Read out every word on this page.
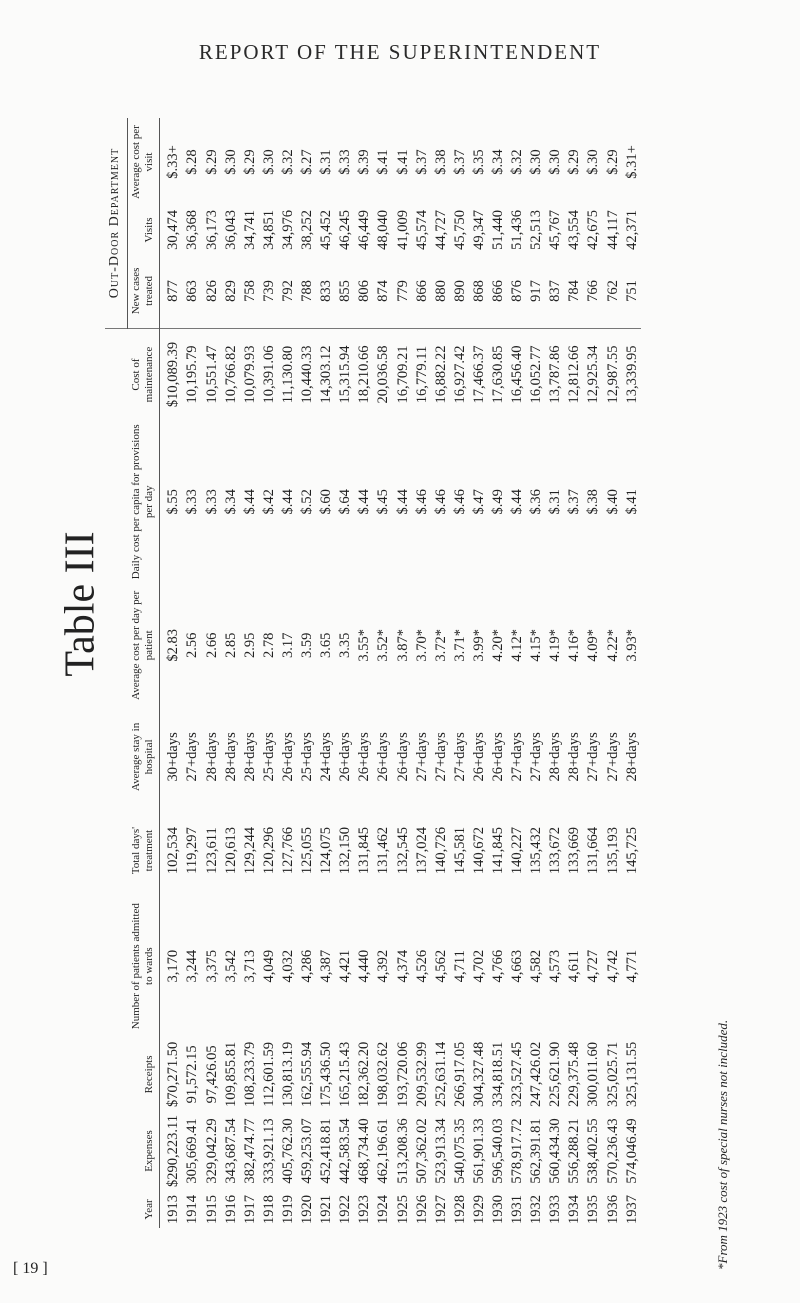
REPORT OF THE SUPERINTENDENT
Table III
									Out-Door Department		
Year	Expenses	Receipts	Number of patients admitted to wards	Total days' treatment	Average stay in hospital	Average cost per day per patient	Daily cost per capita for provisions per day	Cost of maintenance	New cases treated	Visits	Average cost per visit
1913	$290,223.11	$70,271.50	3,170	102,534	30+days	$2.83	$.55	$10,089.39	877	30,474	$.33+
1914	305,669.41	91,572.15	3,244	119,297	27+days	2.56	$.33	10,195.79	863	36,368	$.28
1915	329,042.29	97,426.05	3,375	123,611	28+days	2.66	$.33	10,551.47	826	36,173	$.29
1916	343,687.54	109,855.81	3,542	120,613	28+days	2.85	$.34	10,766.82	829	36,043	$.30
1917	382,474.77	108,233.79	3,713	129,244	28+days	2.95	$.44	10,079.93	758	34,741	$.29
1918	333,921.13	112,601.59	4,049	120,296	25+days	2.78	$.42	10,391.06	739	34,851	$.30
1919	405,762.30	130,813.19	4,032	127,766	26+days	3.17	$.44	11,130.80	792	34,976	$.32
1920	459,253.07	162,555.94	4,286	125,055	25+days	3.59	$.52	10,440.33	788	38,252	$.27
1921	452,418.81	175,436.50	4,387	124,075	24+days	3.65	$.60	14,303.12	833	45,452	$.31
1922	442,583.54	165,215.43	4,421	132,150	26+days	3.35	$.64	15,315.94	855	46,245	$.33
1923	468,734.40	182,362.20	4,440	131,845	26+days	3.55*	$.44	18,210.66	806	46,449	$.39
1924	462,196.61	198,032.62	4,392	131,462	26+days	3.52*	$.45	20,036.58	874	48,040	$.41
1925	513,208.36	193,720.06	4,374	132,545	26+days	3.87*	$.44	16,709.21	779	41,009	$.41
1926	507,362.02	209,532.99	4,526	137,024	27+days	3.70*	$.46	16,779.11	866	45,574	$.37
1927	523,913.34	252,631.14	4,562	140,726	27+days	3.72*	$.46	16,882.22	880	44,727	$.38
1928	540,075.35	266,917.05	4,711	145,581	27+days	3.71*	$.46	16,927.42	890	45,750	$.37
1929	561,901.33	304,327.48	4,702	140,672	26+days	3.99*	$.47	17,466.37	868	49,347	$.35
1930	596,540.03	334,818.51	4,766	141,845	26+days	4.20*	$.49	17,630.85	866	51,440	$.34
1931	578,917.72	323,527.45	4,663	140,227	27+days	4.12*	$.44	16,456.40	876	51,436	$.32
1932	562,391.81	247,426.02	4,582	135,432	27+days	4.15*	$.36	16,052.77	917	52,513	$.30
1933	560,434.30	225,621.90	4,573	133,672	28+days	4.19*	$.31	13,787.86	837	45,767	$.30
1934	556,288.21	229,375.48	4,611	133,669	28+days	4.16*	$.37	12,812.66	784	43,554	$.29
1935	538,402.55	300,011.60	4,727	131,664	27+days	4.09*	$.38	12,925.34	766	42,675	$.30
1936	570,236.43	325,025.71	4,742	135,193	27+days	4.22*	$.40	12,987.55	762	44,117	$.29
1937	574,046.49	325,131.55	4,771	145,725	28+days	3.93*	$.41	13,339.95	751	42,371	$.31+
[ 19 ]	*From 1923 cost of special nurses not included.
